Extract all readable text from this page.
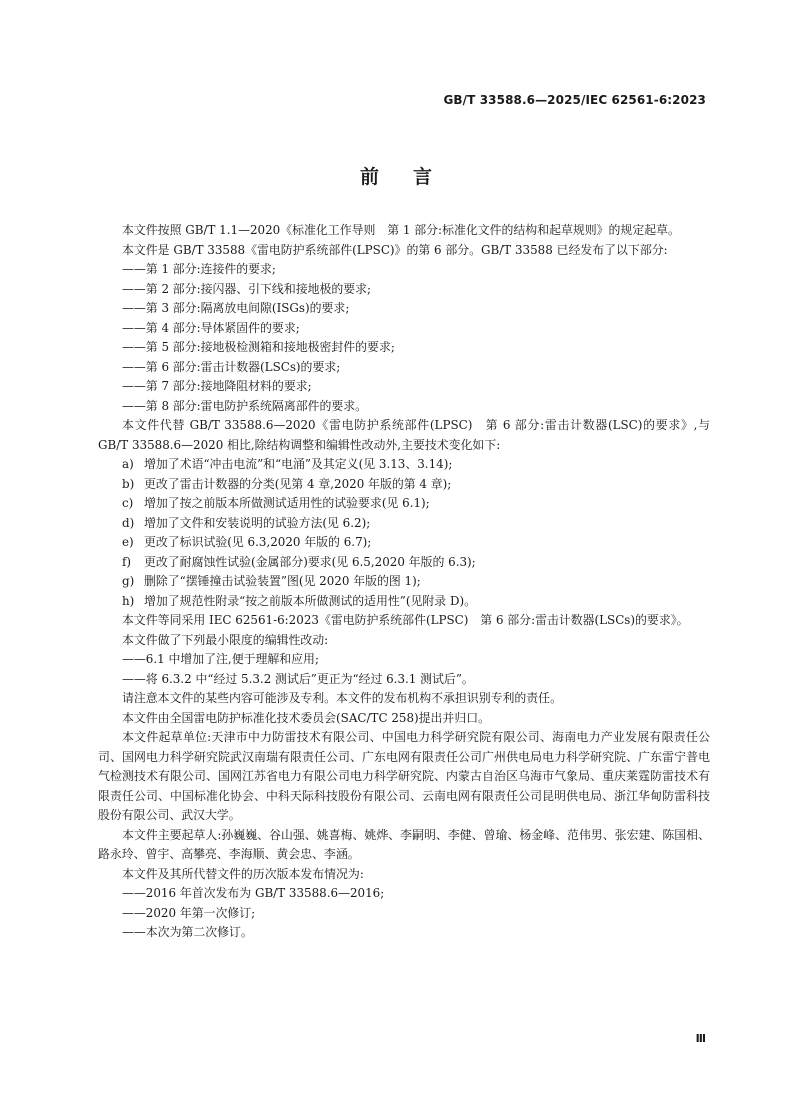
GB/T 33588.6—2025/IEC 62561-6:2023
前言

本文件按照 GB/T 1.1—2020《标准化工作导则　第 1 部分:标准化文件的结构和起草规则》的规定起草。

本文件是 GB/T 33588《雷电防护系统部件(LPSC)》的第 6 部分。GB/T 33588 已经发布了以下部分:

——第 1 部分:连接件的要求;

——第 2 部分:接闪器、引下线和接地极的要求;

——第 3 部分:隔离放电间隙(ISGs)的要求;

——第 4 部分:导体紧固件的要求;

——第 5 部分:接地极检测箱和接地极密封件的要求;

——第 6 部分:雷击计数器(LSCs)的要求;

——第 7 部分:接地降阻材料的要求;

——第 8 部分:雷电防护系统隔离部件的要求。

本文件代替 GB/T 33588.6—2020《雷电防护系统部件(LPSC)　第 6 部分:雷击计数器(LSC)的要求》,与 GB/T 33588.6—2020 相比,除结构调整和编辑性改动外,主要技术变化如下:

a) 增加了术语“冲击电流”和“电涌”及其定义(见 3.13、3.14);

b) 更改了雷击计数器的分类(见第 4 章,2020 年版的第 4 章);

c) 增加了按之前版本所做测试适用性的试验要求(见 6.1);

d) 增加了文件和安装说明的试验方法(见 6.2);

e) 更改了标识试验(见 6.3,2020 年版的 6.7);

f) 更改了耐腐蚀性试验(金属部分)要求(见 6.5,2020 年版的 6.3);

g) 删除了“摆锤撞击试验装置”图(见 2020 年版的图 1);

h) 增加了规范性附录“按之前版本所做测试的适用性”(见附录 D)。

本文件等同采用 IEC 62561-6:2023《雷电防护系统部件(LPSC)　第 6 部分:雷击计数器(LSCs)的要求》。

本文件做了下列最小限度的编辑性改动:

——6.1 中增加了注,便于理解和应用;

——将 6.3.2 中“经过 5.3.2 测试后”更正为“经过 6.3.1 测试后”。

请注意本文件的某些内容可能涉及专利。本文件的发布机构不承担识别专利的责任。

本文件由全国雷电防护标准化技术委员会(SAC/TC 258)提出并归口。

本文件起草单位:天津市中力防雷技术有限公司、中国电力科学研究院有限公司、海南电力产业发展有限责任公司、国网电力科学研究院武汉南瑞有限责任公司、广东电网有限责任公司广州供电局电力科学研究院、广东雷宁普电气检测技术有限公司、国网江苏省电力有限公司电力科学研究院、内蒙古自治区乌海市气象局、重庆莱霆防雷技术有限责任公司、中国标准化协会、中科天际科技股份有限公司、云南电网有限责任公司昆明供电局、浙江华甸防雷科技股份有限公司、武汉大学。

本文件主要起草人:孙巍巍、谷山强、姚喜梅、姚烨、李嗣明、李健、曾瑜、杨金峰、范伟男、张宏建、陈国相、路永玲、曾宇、高攀亮、李海顺、黄会忠、李涵。

本文件及其所代替文件的历次版本发布情况为:

——2016 年首次发布为 GB/T 33588.6—2016;

——2020 年第一次修订;

——本次为第二次修订。

Ⅲ
